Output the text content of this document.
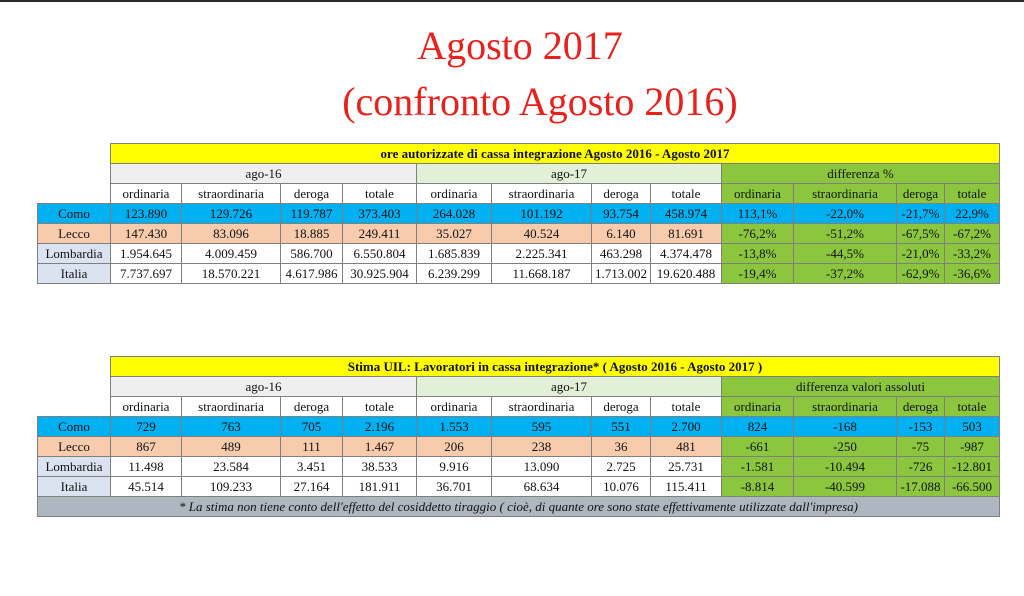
Agosto 2017
(confronto Agosto 2016)
	ore autorizzate di cassa integrazione Agosto 2016 - Agosto 2017											
	ago-16				ago-17				differenza %			
	ordinaria	straordinaria	deroga	totale	ordinaria	straordinaria	deroga	totale	ordinaria	straordinaria	deroga	totale
Como	123.890	129.726	119.787	373.403	264.028	101.192	93.754	458.974	113,1%	-22,0%	-21,7%	22,9%
Lecco	147.430	83.096	18.885	249.411	35.027	40.524	6.140	81.691	-76,2%	-51,2%	-67,5%	-67,2%
Lombardia	1.954.645	4.009.459	586.700	6.550.804	1.685.839	2.225.341	463.298	4.374.478	-13,8%	-44,5%	-21,0%	-33,2%
Italia	7.737.697	18.570.221	4.617.986	30.925.904	6.239.299	11.668.187	1.713.002	19.620.488	-19,4%	-37,2%	-62,9%	-36,6%
	Stima UIL: Lavoratori in cassa integrazione* ( Agosto 2016 - Agosto 2017 )											
	ago-16				ago-17				differenza valori assoluti			
	ordinaria	straordinaria	deroga	totale	ordinaria	straordinaria	deroga	totale	ordinaria	straordinaria	deroga	totale
Como	729	763	705	2.196	1.553	595	551	2.700	824	-168	-153	503
Lecco	867	489	111	1.467	206	238	36	481	-661	-250	-75	-987
Lombardia	11.498	23.584	3.451	38.533	9.916	13.090	2.725	25.731	-1.581	-10.494	-726	-12.801
Italia	45.514	109.233	27.164	181.911	36.701	68.634	10.076	115.411	-8.814	-40.599	-17.088	-66.500
* La stima non tiene conto dell'effetto del cosiddetto tiraggio ( cioè, di quante ore sono state effettivamente utilizzate dall'impresa)												
